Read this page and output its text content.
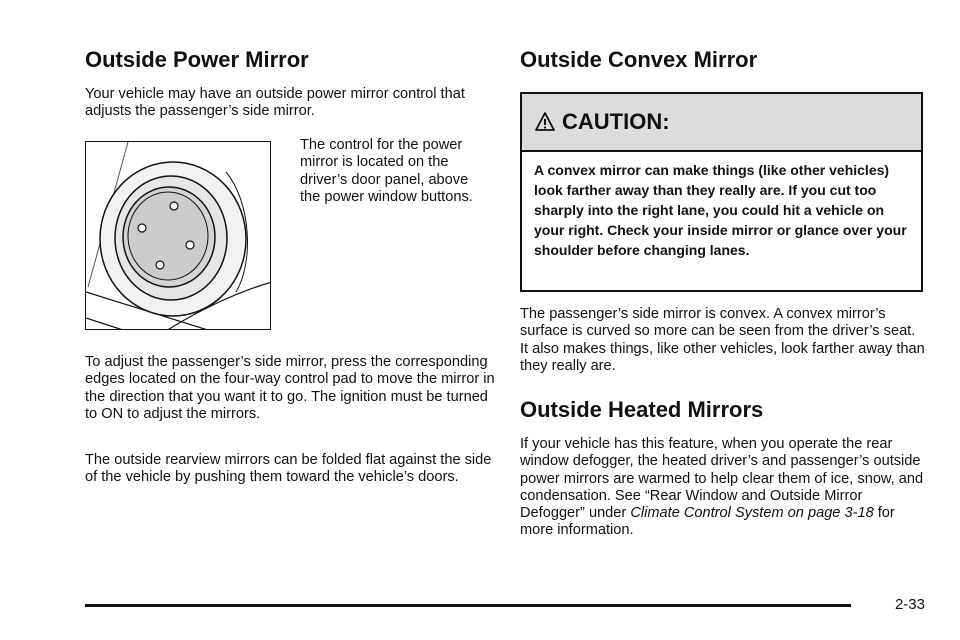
Outside Power Mirror

Your vehicle may have an outside power mirror control that adjusts the passenger’s side mirror.

The control for the power mirror is located on the driver’s door panel, above the power window buttons.

To adjust the passenger’s side mirror, press the corresponding edges located on the four-way control pad to move the mirror in the direction that you want it to go. The ignition must be turned to ON to adjust the mirrors.

The outside rearview mirrors can be folded flat against the side of the vehicle by pushing them toward the vehicle’s doors.

Outside Convex Mirror
CAUTION:
A convex mirror can make things (like other vehicles) look farther away than they really are. If you cut too sharply into the right lane, you could hit a vehicle on your right. Check your inside mirror or glance over your shoulder before changing lanes.

The passenger’s side mirror is convex. A convex mirror’s surface is curved so more can be seen from the driver’s seat. It also makes things, like other vehicles, look farther away than they really are.

Outside Heated Mirrors

If your vehicle has this feature, when you operate the rear window defogger, the heated driver’s and passenger’s outside power mirrors are warmed to help clear them of ice, snow, and condensation. See “Rear Window and Outside Mirror Defogger” under Climate Control System on page 3-18 for more information.

2-33
